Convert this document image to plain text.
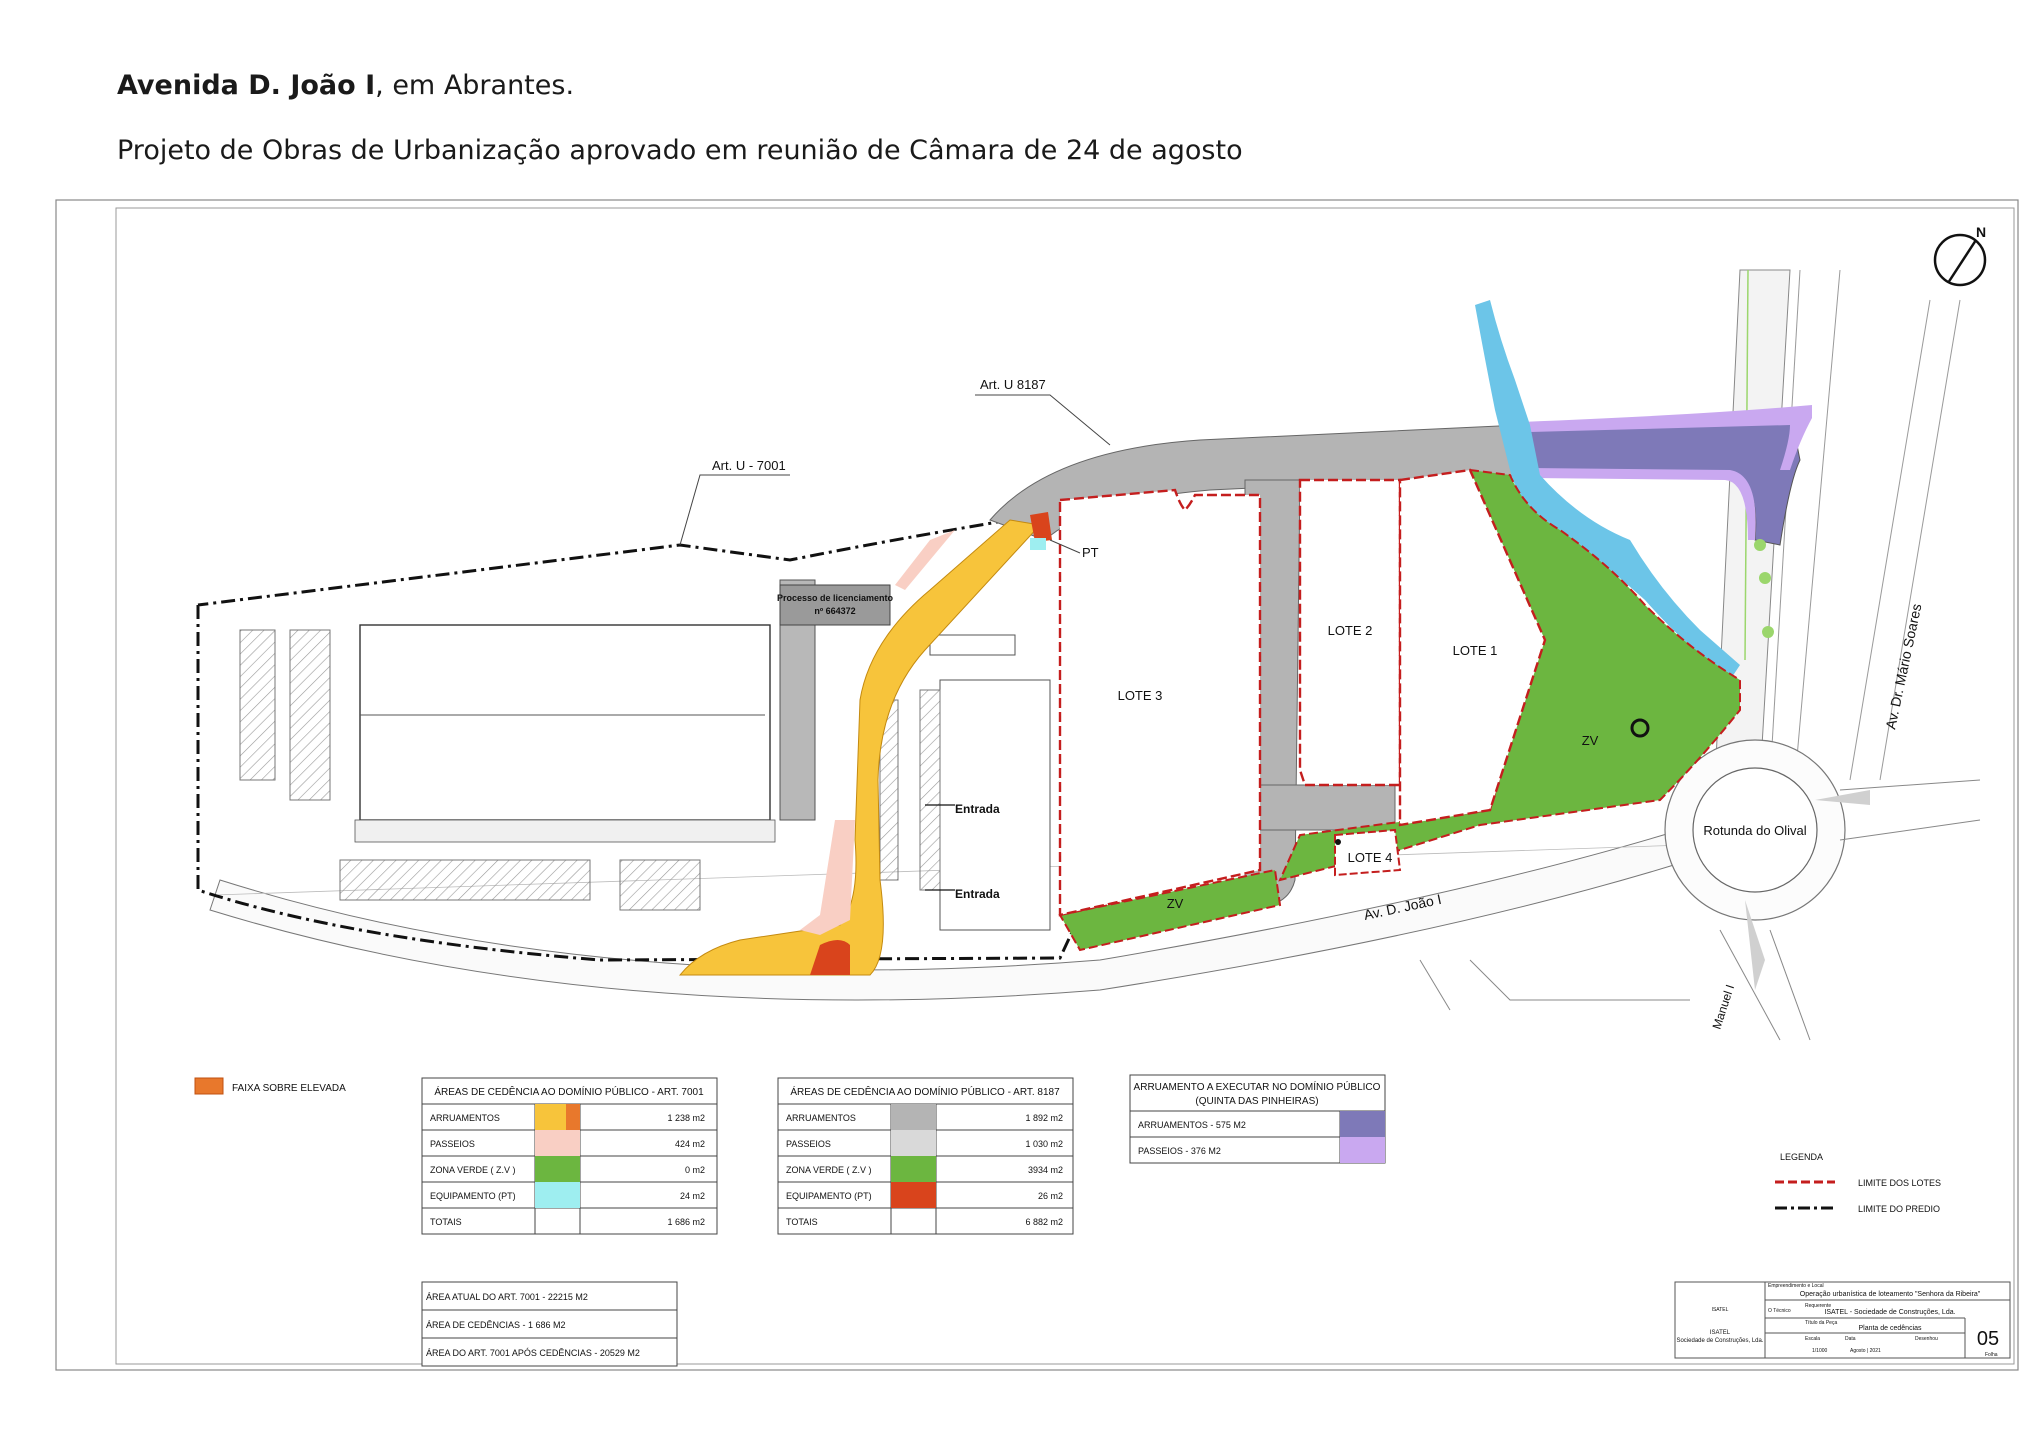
Avenida D. João I, em Abrantes.
Projeto de Obras de Urbanização aprovado em reunião de Câmara de 24 de agosto
N
Rotunda do Olival
Manuel I
Processo de licenciamento
nº 664372
ZV
ZV
LOTE 3
LOTE 2
LOTE 1
LOTE 4
PT
Art. U - 7001
Art. U 8187
Entrada
Entrada	Av. D. João I
Av. Dr. Mário Soares
FAIXA SOBRE ELEVADA	ÁREAS DE CEDÊNCIA AO DOMÍNIO PÚBLICO - ART. 7001
ARRUAMENTOS	1 238 m2
PASSEIOS	424 m2
ZONA VERDE ( Z.V )	0 m2
EQUIPAMENTO (PT)	24 m2
TOTAIS	1 686 m2
ÁREAS DE CEDÊNCIA AO DOMÍNIO PÚBLICO - ART. 8187
ARRUAMENTOS	1 892 m2
PASSEIOS	1 030 m2
ZONA VERDE ( Z.V )	3934 m2
EQUIPAMENTO (PT)	26 m2
TOTAIS	6 882 m2
ARRUAMENTO A EXECUTAR NO DOMÍNIO PÚBLICO
(QUINTA DAS PINHEIRAS)
ARRUAMENTOS - 575 M2
PASSEIOS - 376 M2
LEGENDA
LIMITE DOS LOTES
LIMITE DO PREDIO
ÁREA ATUAL DO ART. 7001 - 22215 M2
ÁREA DE CEDÊNCIAS - 1 686 M2
ÁREA DO ART. 7001 APÓS CEDÊNCIAS - 20529 M2
Empreendimento e Local
Operação urbanística de loteamento "Senhora da Ribeira"
O Técnico
Requerente
ISATEL - Sociedade de Construções, Lda.
Título da Peça
Planta de cedências
Escala	Data	Desenhou
1/1000	Agosto | 2021
05
Folha
ISATEL
ISATEL
Sociedade de Construções, Lda.
